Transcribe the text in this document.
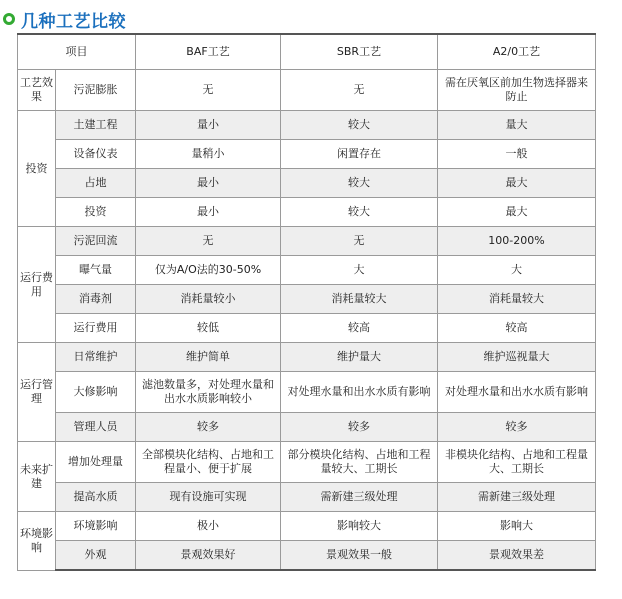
几种工艺比较
项目		BAF工艺	SBR工艺	A2/0工艺
工艺效果	污泥膨胀	无	无	需在厌氧区前加生物选择器来防止
投资	土建工程	量小	较大	量大
	设备仪表	量稍小	闲置存在	一般
	占地	最小	较大	最大
	投资	最小	较大	最大
运行费用	污泥回流	无	无	100-200%
	曝气量	仅为A/O法的30-50%	大	大
	消毒剂	消耗量较小	消耗量较大	消耗量较大
	运行费用	较低	较高	较高
运行管理	日常维护	维护简单	维护量大	维护巡视量大
	大修影响	滤池数量多，对处理水量和出水水质影响较小	对处理水量和出水水质有影响	对处理水量和出水水质有影响
	管理人员	较多	较多	较多
未来扩建	增加处理量	全部模块化结构、占地和工程量小、便于扩展	部分模块化结构、占地和工程量较大、工期长	非模块化结构、占地和工程量大、工期长
	提高水质	现有设施可实现	需新建三级处理	需新建三级处理
环境影响	环境影响	极小	影响较大	影响大
	外观	景观效果好	景观效果一般	景观效果差
